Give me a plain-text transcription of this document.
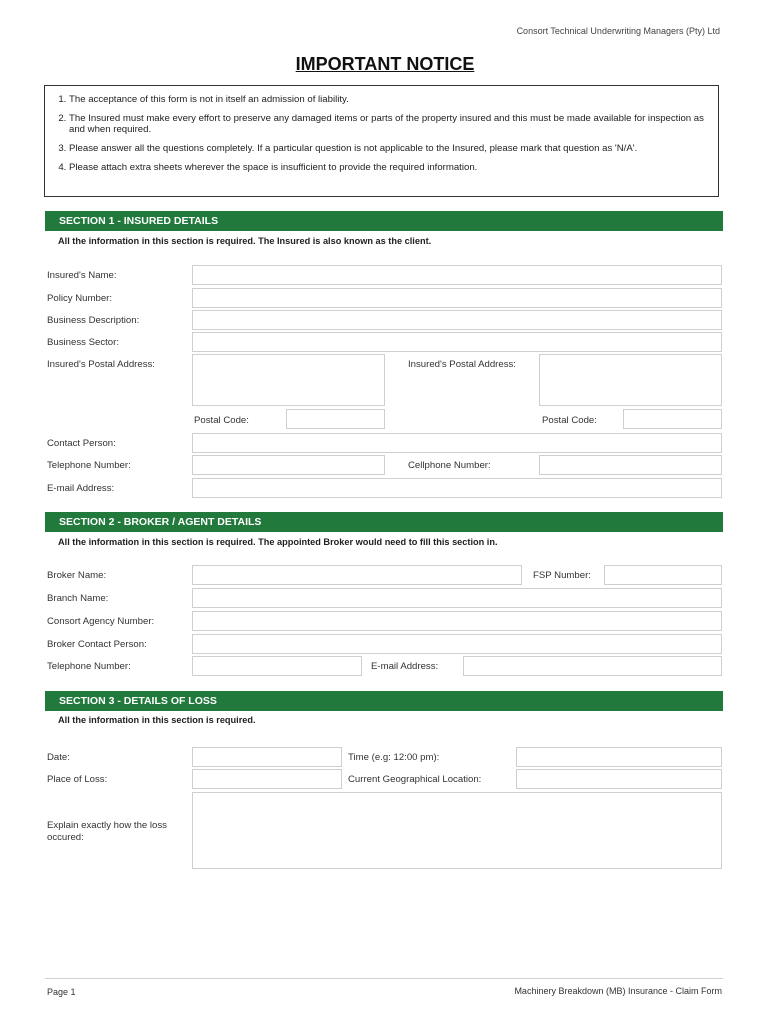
Consort Technical Underwriting Managers (Pty) Ltd
IMPORTANT NOTICE
1. The acceptance of this form is not in itself an admission of liability.
2. The Insured must make every effort to preserve any damaged items or parts of the property insured and this must be made available for inspection as and when required.
3. Please answer all the questions completely. If a particular question is not applicable to the Insured, please mark that question as 'N/A'.
4. Please attach extra sheets wherever the space is insufficient to provide the required information.
SECTION 1 - INSURED DETAILS
All the information in this section is required. The Insured is also known as the client.
Insured's Name:
Policy Number:
Business Description:
Business Sector:
Insured's Postal Address:	Insured's Postal Address:
Postal Code:	Postal Code:
Contact Person:
Telephone Number:	Cellphone Number:
E-mail Address:
SECTION 2 - BROKER / AGENT DETAILS
All the information in this section is required. The appointed Broker would need to fill this section in.
Broker Name:	FSP Number:
Branch Name:
Consort Agency Number:
Broker Contact Person:
Telephone Number:	E-mail Address:
SECTION 3 - DETAILS OF LOSS
All the information in this section is required.
Date:	Time (e.g: 12:00 pm):
Place of Loss:	Current Geographical Location:
Explain exactly how the loss occured:
Page 1	Machinery Breakdown (MB) Insurance - Claim Form
